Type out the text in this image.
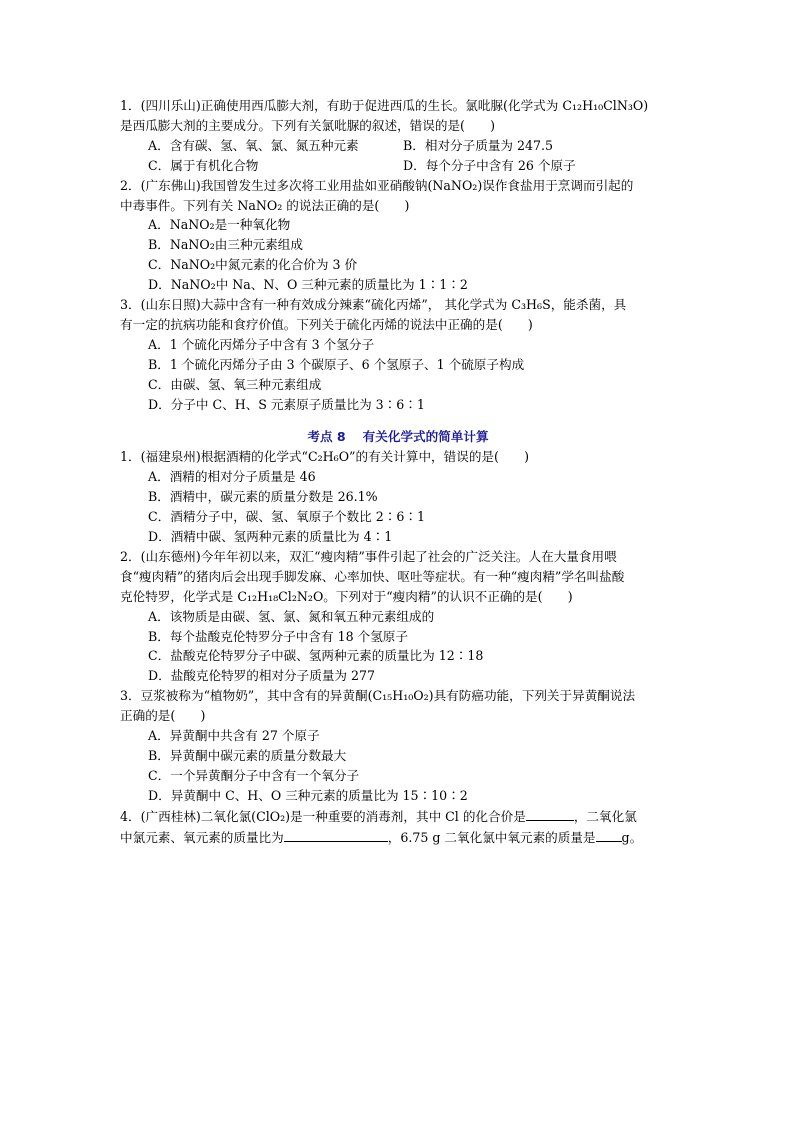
1．(四川乐山)正确使用西瓜膨大剂，有助于促进西瓜的生长。氯吡脲(化学式为 C₁₂H₁₀ClN₃O)
是西瓜膨大剂的主要成分。下列有关氯吡脲的叙述，错误的是(　　)
A．含有碳、氢、氧、氯、氮五种元素	B．相对分子质量为 247.5
C．属于有机化合物	D．每个分子中含有 26 个原子
2．(广东佛山)我国曾发生过多次将工业用盐如亚硝酸钠(NaNO₂)误作食盐用于烹调而引起的
中毒事件。下列有关 NaNO₂ 的说法正确的是(　　)
A．NaNO₂是一种氧化物
B．NaNO₂由三种元素组成
C．NaNO₂中氮元素的化合价为 3 价
D．NaNO₂中 Na、N、O 三种元素的质量比为 1∶1∶2
3．(山东日照)大蒜中含有一种有效成分辣素“硫化丙烯”， 其化学式为 C₃H₆S，能杀菌，具
有一定的抗病功能和食疗价值。下列关于硫化丙烯的说法中正确的是(　　)
A．1 个硫化丙烯分子中含有 3 个氢分子
B．1 个硫化丙烯分子由 3 个碳原子、6 个氢原子、1 个硫原子构成
C．由碳、氢、氧三种元素组成
D．分子中 C、H、S 元素原子质量比为 3∶6∶1
考点 8　 有关化学式的简单计算
1．(福建泉州)根据酒精的化学式“C₂H₆O”的有关计算中，错误的是(　　)
A．酒精的相对分子质量是 46
B．酒精中，碳元素的质量分数是 26.1%
C．酒精分子中，碳、氢、氧原子个数比 2∶6∶1
D．酒精中碳、氢两种元素的质量比为 4∶1
2．(山东德州)今年年初以来，双汇“瘦肉精”事件引起了社会的广泛关注。人在大量食用喂
食“瘦肉精”的猪肉后会出现手脚发麻、心率加快、呕吐等症状。有一种“瘦肉精”学名叫盐酸
克伦特罗，化学式是 C₁₂H₁₈Cl₂N₂O。下列对于“瘦肉精”的认识不正确的是(　　)
A．该物质是由碳、氢、氯、氮和氧五种元素组成的
B．每个盐酸克伦特罗分子中含有 18 个氢原子
C．盐酸克伦特罗分子中碳、氢两种元素的质量比为 12∶18
D．盐酸克伦特罗的相对分子质量为 277
3．豆浆被称为“植物奶”，其中含有的异黄酮(C₁₅H₁₀O₂)具有防癌功能，下列关于异黄酮说法
正确的是(　　)
A．异黄酮中共含有 27 个原子
B．异黄酮中碳元素的质量分数最大
C．一个异黄酮分子中含有一个氧分子
D．异黄酮中 C、H、O 三种元素的质量比为 15∶10∶2
4．(广西桂林)二氧化氯(ClO₂)是一种重要的消毒剂，其中 Cl 的化合价是	，二氧化氯
中氯元素、氧元素的质量比为	，6.75 g 二氧化氯中氧元素的质量是 g。
